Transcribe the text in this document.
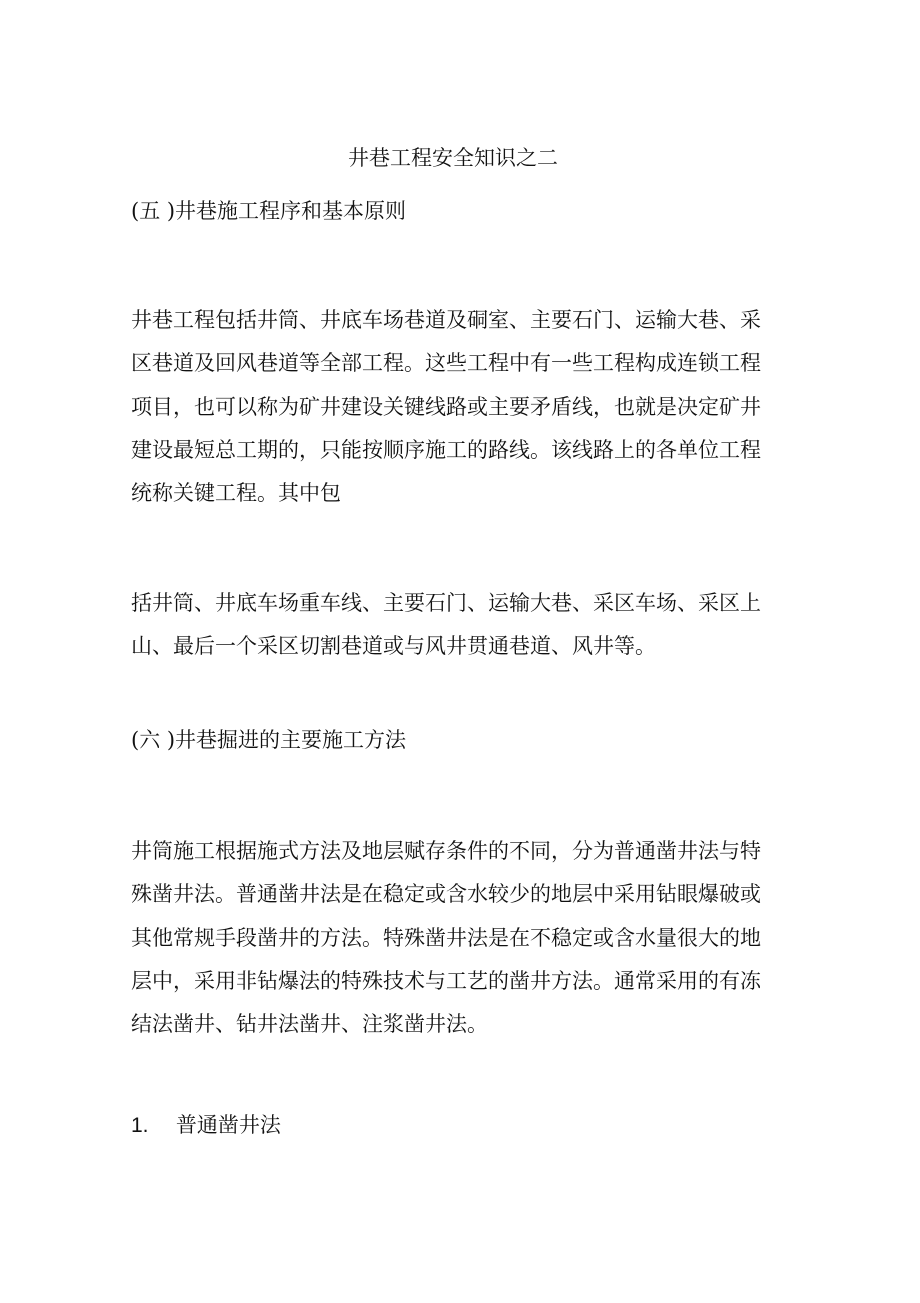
井巷工程安全知识之二
(五 )井巷施工程序和基本原则
井巷工程包括井筒、井底车场巷道及硐室、主要石门、运输大巷、采
区巷道及回风巷道等全部工程。这些工程中有一些工程构成连锁工程
项目，也可以称为矿井建设关键线路或主要矛盾线，也就是决定矿井
建设最短总工期的，只能按顺序施工的路线。该线路上的各单位工程
统称关键工程。其中包
括井筒、井底车场重车线、主要石门、运输大巷、采区车场、采区上
山、最后一个采区切割巷道或与风井贯通巷道、风井等。
(六 )井巷掘进的主要施工方法
井筒施工根据施式方法及地层赋存条件的不同，分为普通凿井法与特
殊凿井法。普通凿井法是在稳定或含水较少的地层中采用钻眼爆破或
其他常规手段凿井的方法。特殊凿井法是在不稳定或含水量很大的地
层中，采用非钻爆法的特殊技术与工艺的凿井方法。通常采用的有冻
结法凿井、钻井法凿井、注浆凿井法。
1. 普通凿井法
